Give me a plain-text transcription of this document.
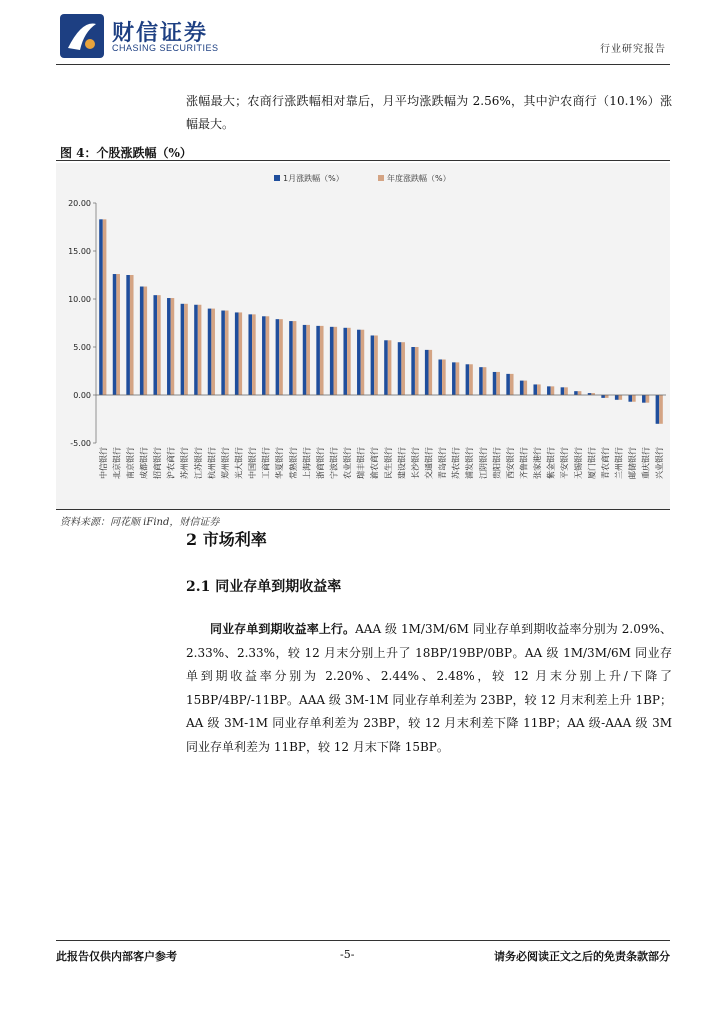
财信证券
CHASING SECURITIES	行业研究报告
涨幅最大；农商行涨跌幅相对靠后，月平均涨跌幅为 2.56%，其中沪农商行（10.1%）涨幅最大。
图 4：个股涨跌幅（%）
1月涨跌幅（%）	年度涨跌幅（%）
20.00
15.00
10.00
5.00
0.00
-5.00
中信银行 北京银行 南京银行 成都银行 招商银行 沪农商行 苏州银行 江苏银行 杭州银行 郑州银行 光大银行 中国银行 工商银行 华夏银行 常熟银行 上海银行 浙商银行 宁波银行 农业银行 瑞丰银行 渝农商行 民生银行 建设银行 长沙银行 交通银行 青岛银行 苏农银行 浦发银行 江阴银行 贵阳银行 西安银行 齐鲁银行 张家港行 紫金银行 平安银行 无锡银行 厦门银行 青农商行 兰州银行 邮储银行 重庆银行 兴业银行
资料来源：同花顺 iFind，财信证券
2 市场利率
2.1 同业存单到期收益率
同业存单到期收益率上行。AAA 级 1M/3M/6M 同业存单到期收益率分别为 2.09%、2.33%、2.33%，较 12 月末分别上升了 18BP/19BP/0BP。AA 级 1M/3M/6M 同业存单到期收益率分别为 2.20%、2.44%、2.48%，较 12 月末分别上升/下降了 15BP/4BP/-11BP。AAA 级 3M-1M 同业存单利差为 23BP，较 12 月末利差上升 1BP；AA 级 3M-1M 同业存单利差为 23BP，较 12 月末利差下降 11BP；AA 级-AAA 级 3M 同业存单利差为 11BP，较 12 月末下降 15BP。
此报告仅供内部客户参考	-5-	请务必阅读正文之后的免责条款部分
